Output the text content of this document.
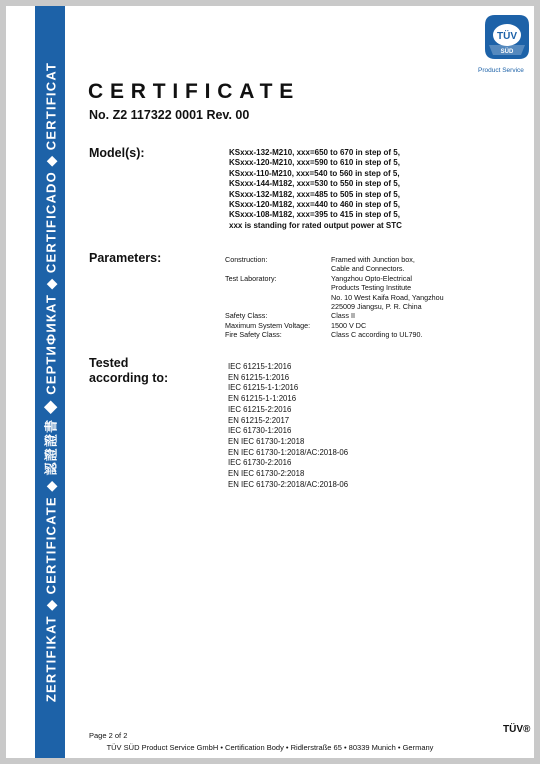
ZERTIFIKAT ◆ CERTIFICATE ◆ 認證證書 ◆ СЕРТИФИКАТ ◆ CERTIFICADO ◆ CERTIFICAT
TÜV
SÜD
Product Service
CERTIFICATE
No. Z2 117322 0001 Rev. 00
Model(s):	KSxxx-132-M210, xxx=650 to 670 in step of 5,
KSxxx-120-M210, xxx=590 to 610 in step of 5,
KSxxx-110-M210, xxx=540 to 560 in step of 5,
KSxxx-144-M182, xxx=530 to 550 in step of 5,
KSxxx-132-M182, xxx=485 to 505 in step of 5,
KSxxx-120-M182, xxx=440 to 460 in step of 5,
KSxxx-108-M182, xxx=395 to 415 in step of 5,
xxx is standing for rated output power at STC
Parameters:	Construction:	Framed with Junction box,
Cable and Connectors.
Test Laboratory:	Yangzhou Opto-Electrical
Products Testing Institute
No. 10 West Kaifa Road, Yangzhou
225009 Jiangsu, P. R. China
Safety Class:	Class II
Maximum System Voltage:	1500 V DC
Fire Safety Class:	Class C according to UL790.
Tested
according to:
IEC 61215-1:2016
EN 61215-1:2016
IEC 61215-1-1:2016
EN 61215-1-1:2016
IEC 61215-2:2016
EN 61215-2:2017
IEC 61730-1:2016
EN IEC 61730-1:2018
EN IEC 61730-1:2018/AC:2018-06
IEC 61730-2:2016
EN IEC 61730-2:2018
EN IEC 61730-2:2018/AC:2018-06
Page 2 of 2
TÜV®
TÜV SÜD Product Service GmbH • Certification Body • Ridlerstraße 65 • 80339 Munich • Germany
